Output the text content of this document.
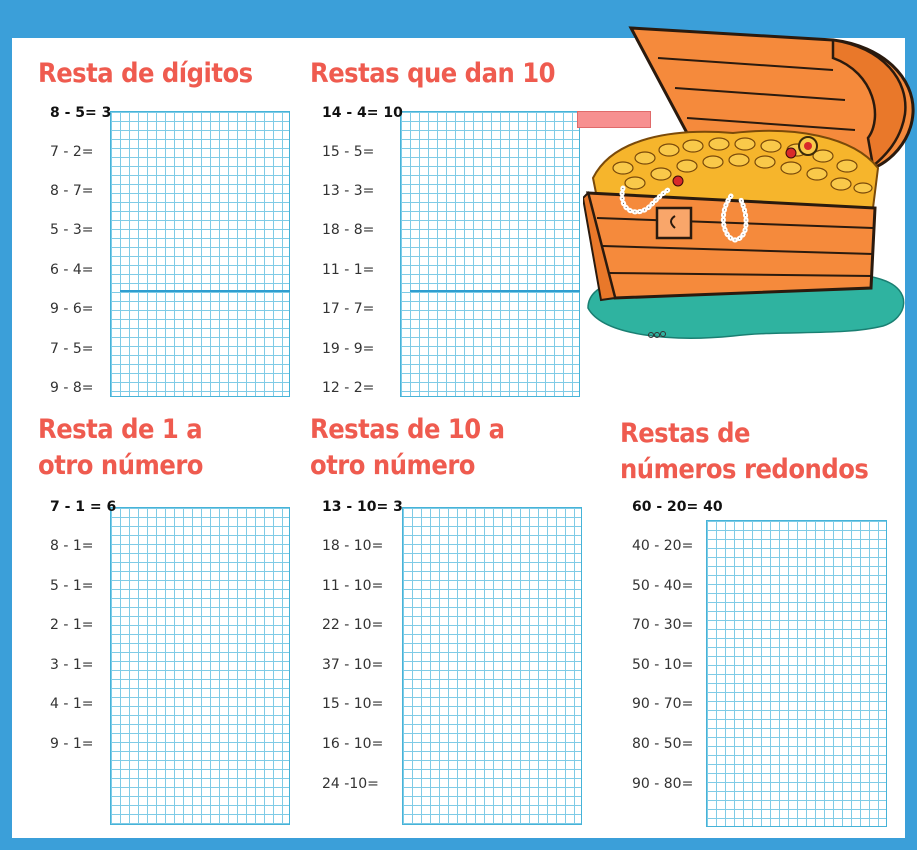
Resta de dígitos Restas que dan 10
Resta de 1 a
otro número
Restas de 10 a
otro número
Restas de
números redondos
8 - 5= 3
7 - 2=
8 - 7=
5 - 3=
6 - 4=
9 - 6=
7 - 5=
9 - 8=
14 - 4= 10
15 - 5=
13 - 3=
18 - 8=
11 - 1=
17 - 7=
19 - 9=
12 - 2=
7 - 1 = 6
8 - 1=
5 - 1=
2 - 1=
3 - 1=
4 - 1=
9 - 1=
13 - 10= 3
18 - 10=
11 - 10=
22 - 10=
37 - 10=
15 - 10=
16 - 10=
24 -10=
60 - 20= 40
40 - 20=
50 - 40=
70 - 30=
50 - 10=
90 - 70=
80 - 50=
90 - 80=
